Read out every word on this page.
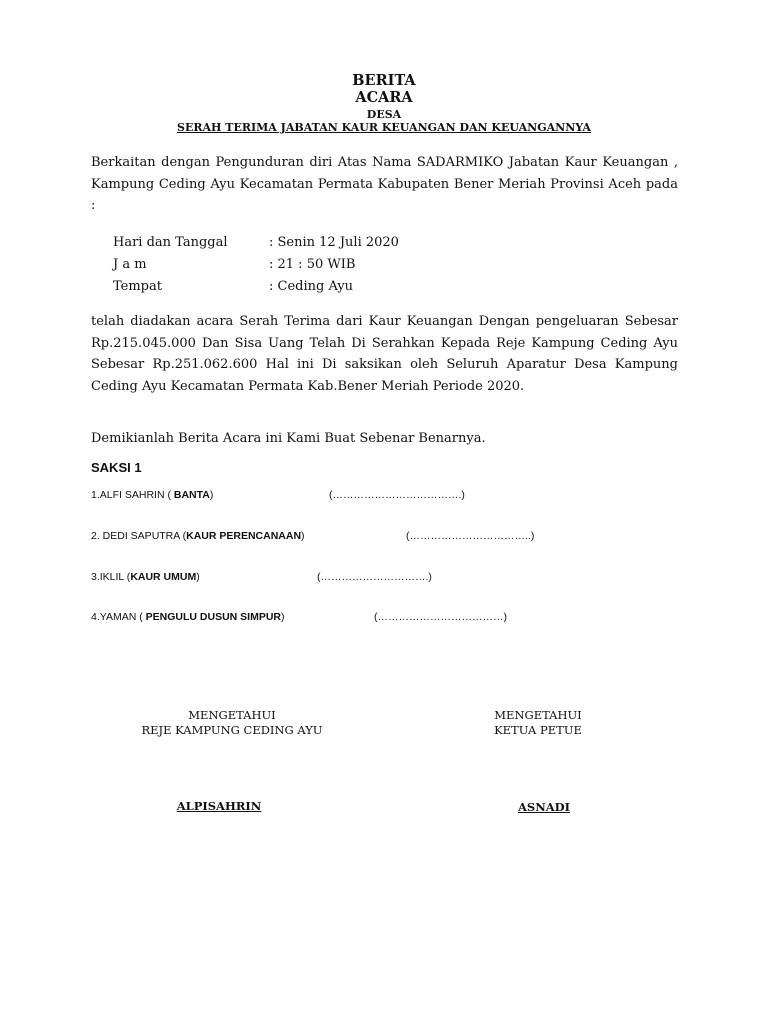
BERITA
ACARA
DESA
SERAH TERIMA JABATAN KAUR KEUANGAN DAN KEUANGANNYA
Berkaitan dengan Pengunduran diri Atas Nama SADARMIKO Jabatan Kaur Keuangan , Kampung Ceding Ayu Kecamatan Permata Kabupaten Bener Meriah Provinsi Aceh pada :
Hari dan Tanggal	: Senin 12 Juli 2020
J a m	: 21 : 50 WIB
Tempat	: Ceding Ayu
telah diadakan acara Serah Terima dari Kaur Keuangan Dengan pengeluaran Sebesar Rp.215.045.000 Dan Sisa Uang Telah Di Serahkan Kepada Reje Kampung Ceding Ayu Sebesar Rp.251.062.600 Hal ini Di saksikan oleh Seluruh Aparatur Desa Kampung Ceding Ayu Kecamatan Permata Kab.Bener Meriah Periode 2020.
Demikianlah Berita Acara ini Kami Buat Sebenar Benarnya.
SAKSI 1
1.ALFI SAHRIN ( BANTA)	(……………………………….)
2. DEDI SAPUTRA (KAUR PERENCANAAN)	(……………………………..)
3.IKLIL (KAUR UMUM)	(………………………….)
4.YAMAN ( PENGULU DUSUN SIMPUR)	(………………………………)
MENGETAHUI
REJE KAMPUNG CEDING AYU
MENGETAHUI
KETUA PETUE
ALPISAHRIN	ASNADI
